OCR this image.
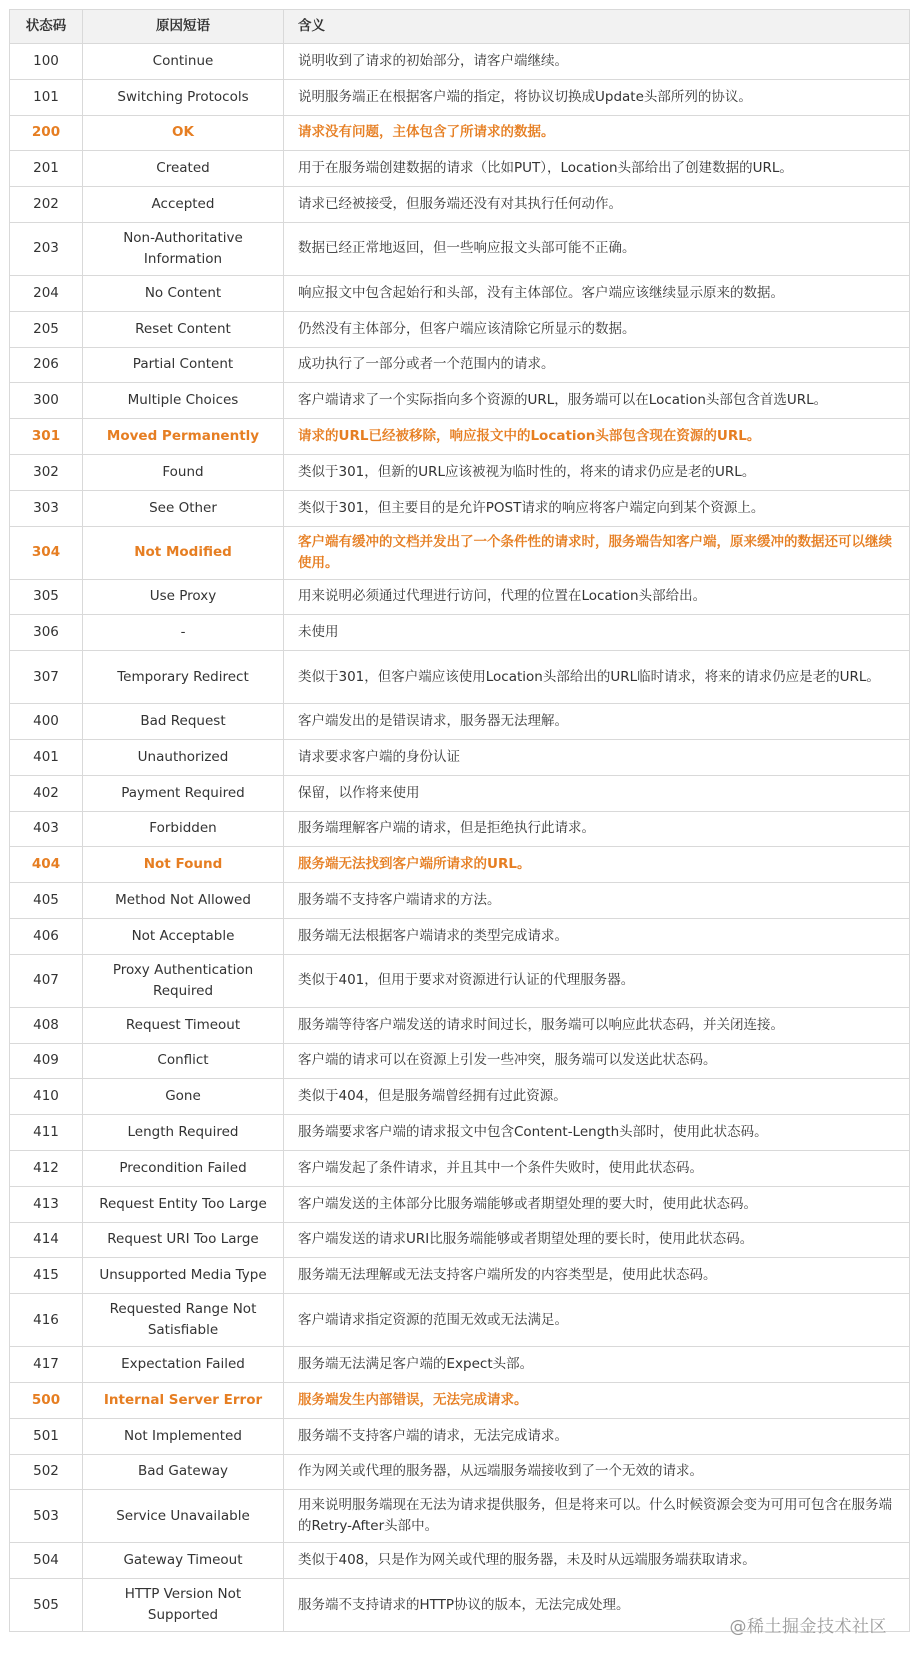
状态码	原因短语	含义
100	Continue	说明收到了请求的初始部分，请客户端继续。
101	Switching Protocols	说明服务端正在根据客户端的指定，将协议切换成Update头部所列的协议。
200	OK	请求没有问题，主体包含了所请求的数据。
201	Created	用于在服务端创建数据的请求（比如PUT），Location头部给出了创建数据的URL。
202	Accepted	请求已经被接受，但服务端还没有对其执行任何动作。
203	Non-Authoritative Information	数据已经正常地返回，但一些响应报文头部可能不正确。
204	No Content	响应报文中包含起始行和头部，没有主体部位。客户端应该继续显示原来的数据。
205	Reset Content	仍然没有主体部分，但客户端应该清除它所显示的数据。
206	Partial Content	成功执行了一部分或者一个范围内的请求。
300	Multiple Choices	客户端请求了一个实际指向多个资源的URL，服务端可以在Location头部包含首选URL。
301	Moved Permanently	请求的URL已经被移除，响应报文中的Location头部包含现在资源的URL。
302	Found	类似于301，但新的URL应该被视为临时性的，将来的请求仍应是老的URL。
303	See Other	类似于301，但主要目的是允许POST请求的响应将客户端定向到某个资源上。
304	Not Modified	客户端有缓冲的文档并发出了一个条件性的请求时，服务端告知客户端，原来缓冲的数据还可以继续使用。
305	Use Proxy	用来说明必须通过代理进行访问，代理的位置在Location头部给出。
306	-	未使用
307	Temporary Redirect	类似于301，但客户端应该使用Location头部给出的URL临时请求，将来的请求仍应是老的URL。
400	Bad Request	客户端发出的是错误请求，服务器无法理解。
401	Unauthorized	请求要求客户端的身份认证
402	Payment Required	保留，以作将来使用
403	Forbidden	服务端理解客户端的请求，但是拒绝执行此请求。
404	Not Found	服务端无法找到客户端所请求的URL。
405	Method Not Allowed	服务端不支持客户端请求的方法。
406	Not Acceptable	服务端无法根据客户端请求的类型完成请求。
407	Proxy Authentication Required	类似于401，但用于要求对资源进行认证的代理服务器。
408	Request Timeout	服务端等待客户端发送的请求时间过长，服务端可以响应此状态码，并关闭连接。
409	Conflict	客户端的请求可以在资源上引发一些冲突，服务端可以发送此状态码。
410	Gone	类似于404，但是服务端曾经拥有过此资源。
411	Length Required	服务端要求客户端的请求报文中包含Content-Length头部时，使用此状态码。
412	Precondition Failed	客户端发起了条件请求，并且其中一个条件失败时，使用此状态码。
413	Request Entity Too Large	客户端发送的主体部分比服务端能够或者期望处理的要大时，使用此状态码。
414	Request URI Too Large	客户端发送的请求URI比服务端能够或者期望处理的要长时，使用此状态码。
415	Unsupported Media Type	服务端无法理解或无法支持客户端所发的内容类型是，使用此状态码。
416	Requested Range Not Satisfiable	客户端请求指定资源的范围无效或无法满足。
417	Expectation Failed	服务端无法满足客户端的Expect头部。
500	Internal Server Error	服务端发生内部错误，无法完成请求。
501	Not Implemented	服务端不支持客户端的请求，无法完成请求。
502	Bad Gateway	作为网关或代理的服务器，从远端服务端接收到了一个无效的请求。
503	Service Unavailable	用来说明服务端现在无法为请求提供服务，但是将来可以。什么时候资源会变为可用可包含在服务端的Retry-After头部中。
504	Gateway Timeout	类似于408，只是作为网关或代理的服务器，未及时从远端服务端获取请求。
505	HTTP Version Not Supported	服务端不支持请求的HTTP协议的版本，无法完成处理。
@稀土掘金技术社区
